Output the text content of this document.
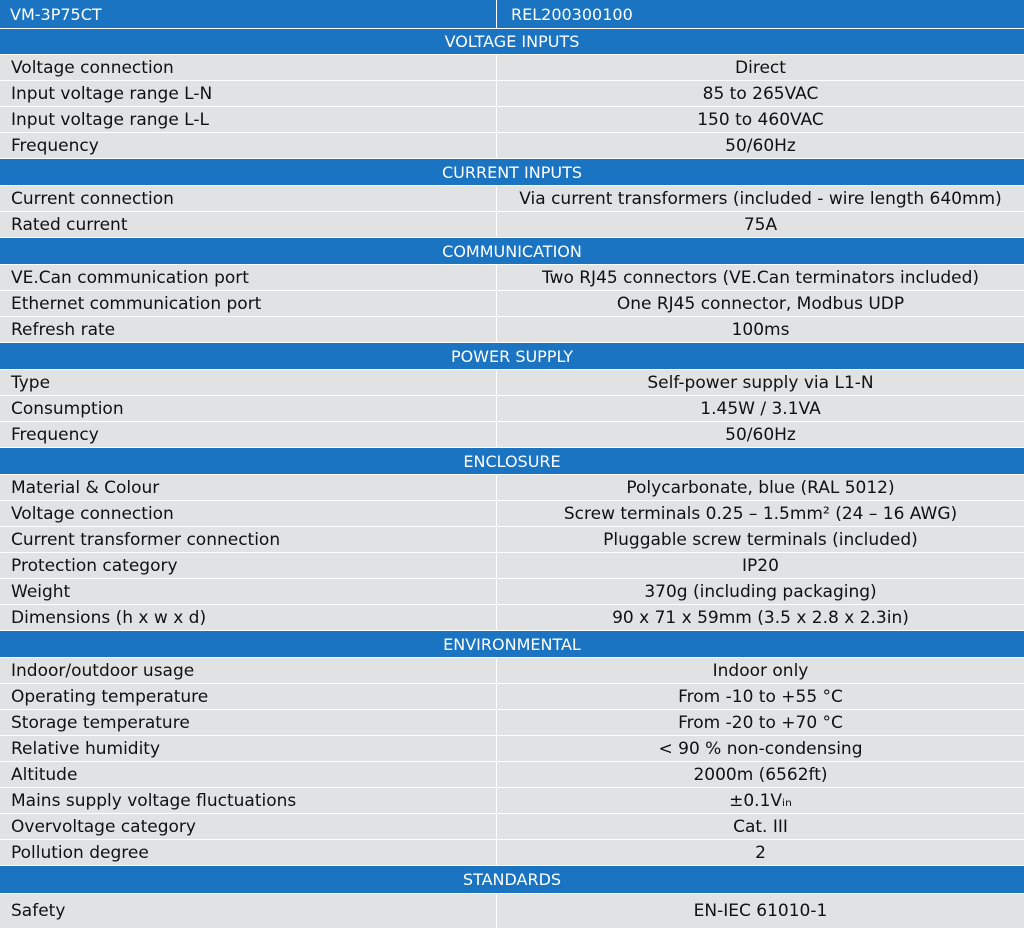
VM-3P75CT	REL200300100
VOLTAGE INPUTS
Voltage connection	Direct
Input voltage range L-N	85 to 265VAC
Input voltage range L-L	150 to 460VAC
Frequency	50/60Hz
CURRENT INPUTS
Current connection	Via current transformers (included - wire length 640mm)
Rated current	75A
COMMUNICATION
VE.Can communication port	Two RJ45 connectors (VE.Can terminators included)
Ethernet communication port	One RJ45 connector, Modbus UDP
Refresh rate	100ms
POWER SUPPLY
Type	Self-power supply via L1-N
Consumption	1.45W / 3.1VA
Frequency	50/60Hz
ENCLOSURE
Material & Colour	Polycarbonate, blue (RAL 5012)
Voltage connection	Screw terminals 0.25 – 1.5mm² (24 – 16 AWG)
Current transformer connection	Pluggable screw terminals (included)
Protection category	IP20
Weight	370g (including packaging)
Dimensions (h x w x d)	90 x 71 x 59mm (3.5 x 2.8 x 2.3in)
ENVIRONMENTAL
Indoor/outdoor usage	Indoor only
Operating temperature	From -10 to +55 °C
Storage temperature	From -20 to +70 °C
Relative humidity	< 90 % non-condensing
Altitude	2000m (6562ft)
Mains supply voltage fluctuations	±0.1Vᵢₙ
Overvoltage category	Cat. III
Pollution degree	2
STANDARDS
Safety	EN-IEC 61010-1
